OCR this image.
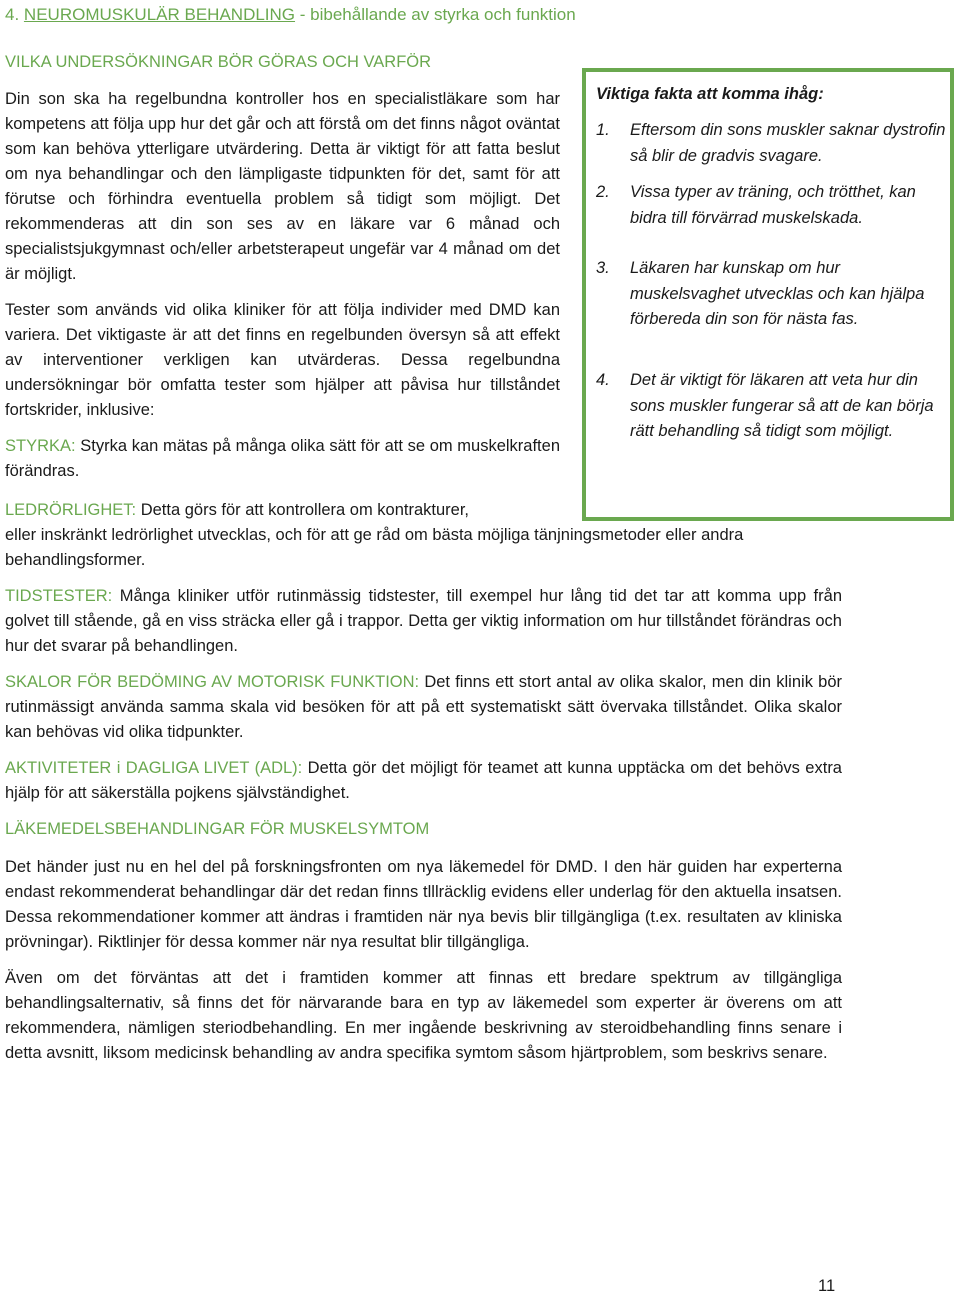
4. NEUROMUSKULÄR BEHANDLING - bibehållande av styrka och funktion
VILKA UNDERSÖKNINGAR BÖR GÖRAS OCH VARFÖR

Din son ska ha regelbundna kontroller hos en specialistläkare som har kompetens att följa upp hur det går och att förstå om det finns något oväntat som kan behöva ytterligare utvärdering. Detta är viktigt för att fatta beslut om nya behandlingar och den lämpligaste tidpunkten för det, samt för att förutse och förhindra eventuella problem så tidigt som möjligt. Det rekommenderas att din son ses av en läkare var 6 månad och specialistsjukgymnast och/eller arbetsterapeut ungefär var 4 månad om det är möjligt.

Tester som används vid olika kliniker för att följa individer med DMD kan variera. Det viktigaste är att det finns en regelbunden översyn så att effekt av interventioner verkligen kan utvärderas. Dessa regelbundna undersökningar bör omfatta tester som hjälper att påvisa hur tillståndet fortskrider, inklusive:

STYRKA: Styrka kan mätas på många olika sätt för att se om muskelkraften förändras.

Viktiga fakta att komma ihåg:
1.	Eftersom din sons muskler saknar dystrofin så blir de gradvis svagare.
2.	Vissa typer av träning, och trötthet, kan bidra till förvärrad muskelskada.
3.	Läkaren har kunskap om hur muskelsvaghet utvecklas och kan hjälpa förbereda din son för nästa fas.
4.	Det är viktigt för läkaren att veta hur din sons muskler fungerar så att de kan börja rätt behandling så tidigt som möjligt.

LEDRÖRLIGHET: Detta görs för att kontrollera om kontrakturer,

eller inskränkt ledrörlighet utvecklas, och för att ge råd om bästa möjliga tänjningsmetoder eller andra behandlingsformer.

TIDSTESTER: Många kliniker utför rutinmässig tidstester, till exempel hur lång tid det tar att komma upp från golvet till stående, gå en viss sträcka eller gå i trappor. Detta ger viktig information om hur tillståndet förändras och hur det svarar på behandlingen.

SKALOR FÖR BEDÖMING AV MOTORISK FUNKTION: Det finns ett stort antal av olika skalor, men din klinik bör rutinmässigt använda samma skala vid besöken för att på ett systematiskt sätt övervaka tillståndet. Olika skalor kan behövas vid olika tidpunkter.

AKTIVITETER i DAGLIGA LIVET (ADL): Detta gör det möjligt för teamet att kunna upptäcka om det behövs extra hjälp för att säkerställa pojkens självständighet.

LÄKEMEDELSBEHANDLINGAR FÖR MUSKELSYMTOM

Det händer just nu en hel del på forskningsfronten om nya läkemedel för DMD. I den här guiden har experterna endast rekommenderat behandlingar där det redan finns tlllräcklig evidens eller underlag för den aktuella insatsen. Dessa rekommendationer kommer att ändras i framtiden när nya bevis blir tillgängliga (t.ex. resultaten av kliniska prövningar). Riktlinjer för dessa kommer när nya resultat blir tillgängliga.

Även om det förväntas att det i framtiden kommer att finnas ett bredare spektrum av tillgängliga behandlingsalternativ, så finns det för närvarande bara en typ av läkemedel som experter är överens om att rekommendera, nämligen steriodbehandling. En mer ingående beskrivning av steroidbehandling finns senare i detta avsnitt, liksom medicinsk behandling av andra specifika symtom såsom hjärtproblem, som beskrivs senare.

11
